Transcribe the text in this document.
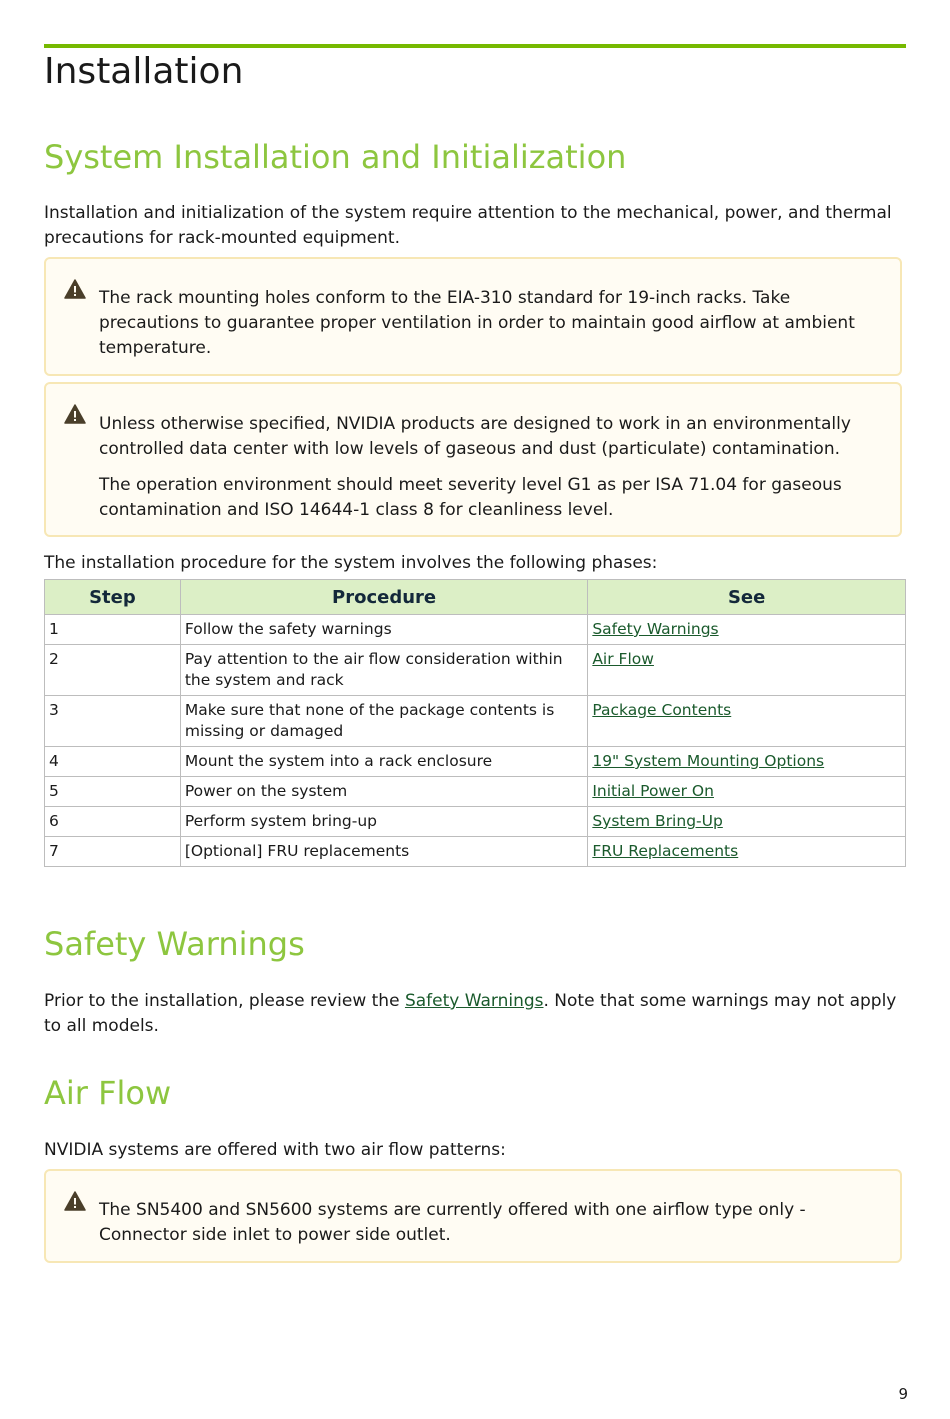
Installation
System Installation and Initialization

Installation and initialization of the system require attention to the mechanical, power, and thermal precautions for rack-mounted equipment.

The rack mounting holes conform to the EIA-310 standard for 19-inch racks. Take precautions to guarantee proper ventilation in order to maintain good airflow at ambient temperature.

Unless otherwise specified, NVIDIA products are designed to work in an environmentally controlled data center with low levels of gaseous and dust (particulate) contamination.

The operation environment should meet severity level G1 as per ISA 71.04 for gaseous contamination and ISO 14644-1 class 8 for cleanliness level.

The installation procedure for the system involves the following phases:

Step	Procedure	See
1	Follow the safety warnings	Safety Warnings
2	Pay attention to the air flow consideration within the system and rack	Air Flow
3	Make sure that none of the package contents is missing or damaged	Package Contents
4	Mount the system into a rack enclosure	19" System Mounting Options
5	Power on the system	Initial Power On
6	Perform system bring-up	System Bring-Up
7	[Optional] FRU replacements	FRU Replacements
Safety Warnings

Prior to the installation, please review the Safety Warnings. Note that some warnings may not apply to all models.

Air Flow

NVIDIA systems are offered with two air flow patterns:

The SN5400 and SN5600 systems are currently offered with one airflow type only - Connector side inlet to power side outlet.

9
